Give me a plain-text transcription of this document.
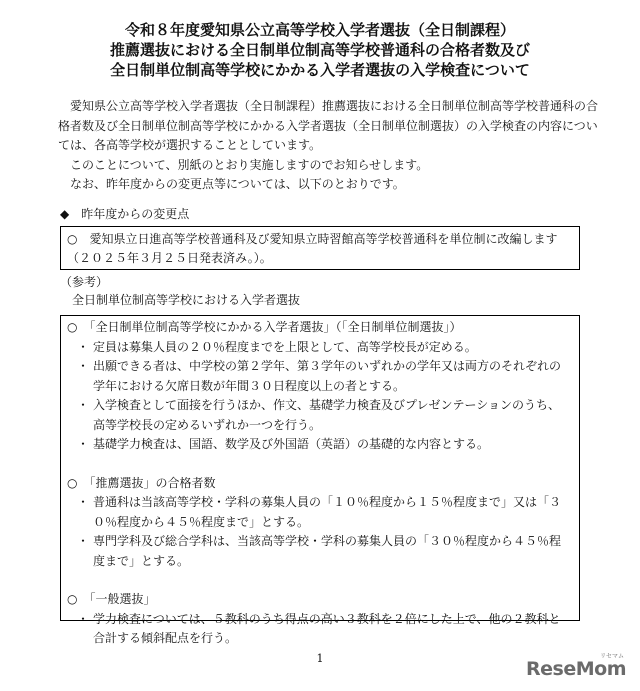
令和８年度愛知県公立高等学校入学者選抜（全日制課程）
推薦選抜における全日制単位制高等学校普通科の合格者数及び
全日制単位制高等学校にかかる入学者選抜の入学検査について

愛知県公立高等学校入学者選抜（全日制課程）推薦選抜における全日制単位制高等学校普通科の合格者数及び全日制単位制高等学校にかかる入学者選抜（全日制単位制選抜）の入学検査の内容については、各高等学校が選択することとしています。

このことについて、別紙のとおり実施しますのでお知らせします。

なお、昨年度からの変更点等については、以下のとおりです。

◆　昨年度からの変更点
○　愛知県立日進高等学校普通科及び愛知県立時習館高等学校普通科を単位制に改編します（２０２５年３月２５日発表済み。）。
（参考）
全日制単位制高等学校における入学者選抜
○　「全日制単位制高等学校にかかる入学者選抜」（「全日制単位制選抜」）
・ 定員は募集人員の２０％程度までを上限として、高等学校長が定める。
・ 出願できる者は、中学校の第２学年、第３学年のいずれかの学年又は両方のそれぞれの学年における欠席日数が年間３０日程度以上の者とする。
・ 入学検査として面接を行うほか、作文、基礎学力検査及びプレゼンテーションのうち、高等学校長の定めるいずれか一つを行う。
・ 基礎学力検査は、国語、数学及び外国語（英語）の基礎的な内容とする。
○　「推薦選抜」の合格者数
・ 普通科は当該高等学校・学科の募集人員の「１０％程度から１５％程度まで」又は「３０％程度から４５％程度まで」とする。
・ 専門学科及び総合学科は、当該高等学校・学科の募集人員の「３０％程度から４５％程度まで」とする。
○　「一般選抜」
・ 学力検査については、５教科のうち得点の高い３教科を２倍にした上で、他の２教科と合計する傾斜配点を行う。
1	ReseMom
リセマム
